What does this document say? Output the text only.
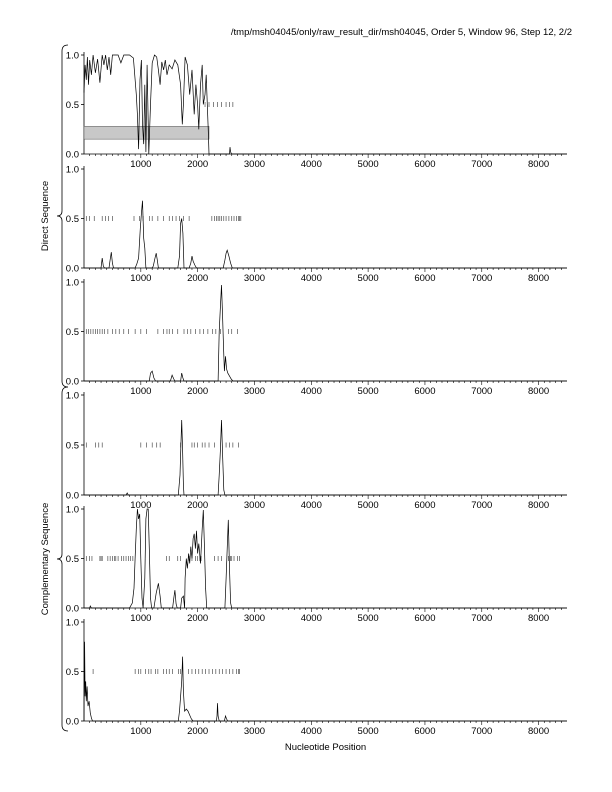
/tmp/msh04045/only/raw_result_dir/msh04045, Order 5, Window 96, Step 12, 2/2
0.0
0.5
1.0
1000	2000	3000	4000	5000	6000	7000	8000
0.0
0.5
1.0
1000	2000	3000	4000	5000	6000	7000	8000
0.0
0.5
1.0
1000	2000	3000	4000	5000	6000	7000	8000
0.0
0.5
1.0
1000	2000	3000	4000	5000	6000	7000	8000
0.0
0.5
1.0
1000	2000	3000	4000	5000	6000	7000	8000
0.0
0.5
1.0
1000	2000	3000	4000	5000	6000	7000	8000
Direct Sequence
Complementary Sequence
Nucleotide Position
